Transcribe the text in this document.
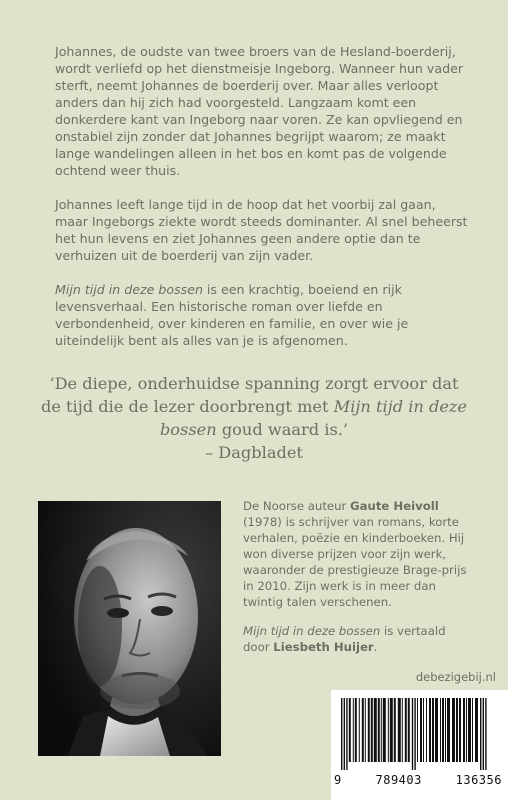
Johannes, de oudste van twee broers van de Hesland-boerderij, wordt verliefd op het dienstmeisje Ingeborg. Wanneer hun vader sterft, neemt Johannes de boerderij over. Maar alles verloopt anders dan hij zich had voorgesteld. Langzaam komt een donkerdere kant van Ingeborg naar voren. Ze kan opvliegend en onstabiel zijn zonder dat Johannes begrijpt waarom; ze maakt lange wandelingen alleen in het bos en komt pas de volgende ochtend weer thuis.

Johannes leeft lange tijd in de hoop dat het voorbij zal gaan, maar Ingeborgs ziekte wordt steeds dominanter. Al snel beheerst het hun levens en ziet Johannes geen andere optie dan te verhuizen uit de boerderij van zijn vader.

Mijn tijd in deze bossen is een krachtig, boeiend en rijk levensverhaal. Een historische roman over liefde en verbondenheid, over kinderen en familie, en over wie je uiteindelijk bent als alles van je is afgenomen.

‘De diepe, onderhuidse spanning zorgt ervoor dat de tijd die de lezer doorbrengt met Mijn tijd in deze bossen goud waard is.’
– Dagbladet

De Noorse auteur Gaute Heivoll (1978) is schrijver van romans, korte verhalen, poëzie en kinderboeken. Hij won diverse prijzen voor zijn werk, waaronder de prestigieuze Brage-prijs in 2010. Zijn werk is in meer dan twintig talen verschenen.

Mijn tijd in deze bossen is vertaald door Liesbeth Huijer.

debezigebij.nl
9	789403	136356
